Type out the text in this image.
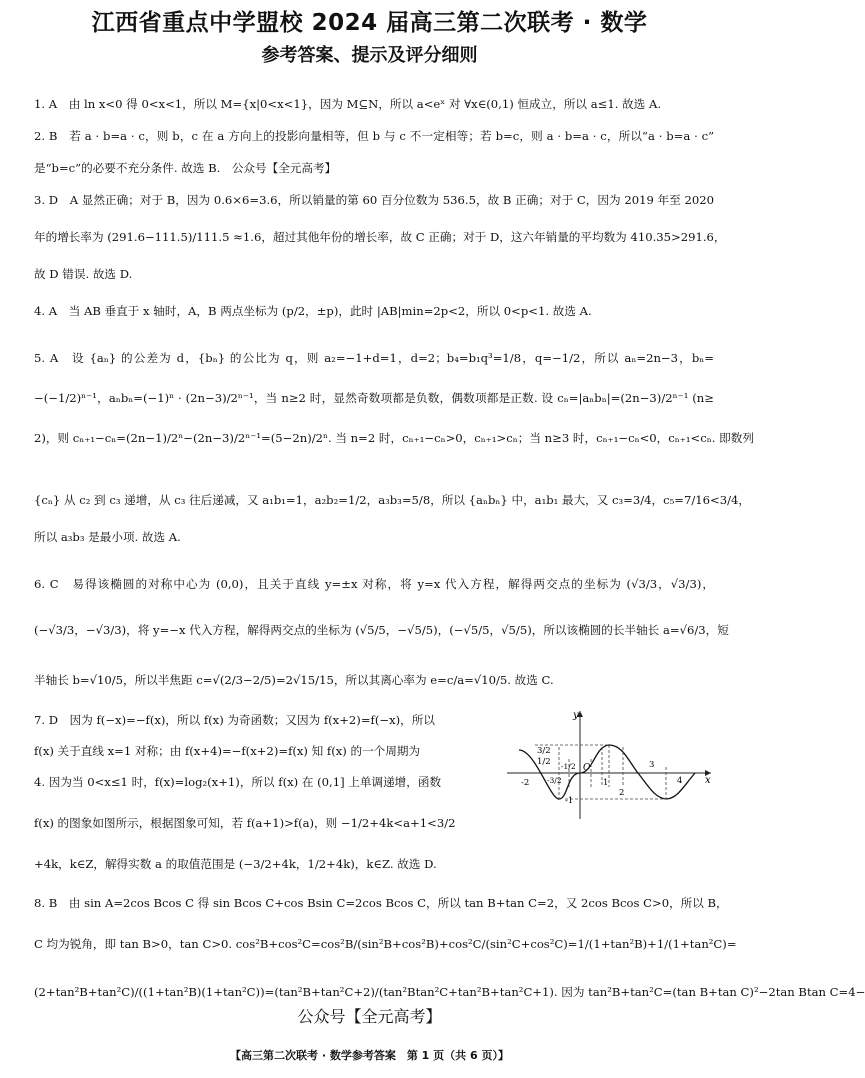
江西省重点中学盟校 2024 届高三第二次联考 · 数学
参考答案、提示及评分细则
1. A　由 ln x<0 得 0<x<1，所以 M={x|0<x<1}，因为 M⊆N，所以 a<eˣ 对 ∀x∈(0,1) 恒成立，所以 a≤1. 故选 A.
2. B　若 a · b=a · c，则 b，c 在 a 方向上的投影向量相等，但 b 与 c 不一定相等；若 b=c，则 a · b=a · c，所以“a · b=a · c”
是“b=c”的必要不充分条件. 故选 B.　公众号【全元高考】
3. D　A 显然正确；对于 B，因为 0.6×6=3.6，所以销量的第 60 百分位数为 536.5，故 B 正确；对于 C，因为 2019 年至 2020
年的增长率为 (291.6−111.5)/111.5 ≈1.6，超过其他年份的增长率，故 C 正确；对于 D，这六年销量的平均数为 410.35>291.6，
故 D 错误. 故选 D.
4. A　当 AB 垂直于 x 轴时，A，B 两点坐标为 (p/2，±p)，此时 |AB|min=2p<2，所以 0<p<1. 故选 A.
5. A　设 {aₙ} 的公差为 d，{bₙ} 的公比为 q，则 a₂=−1+d=1，d=2；b₄=b₁q³=1/8，q=−1/2，所以 aₙ=2n−3，bₙ=
−(−1/2)ⁿ⁻¹，aₙbₙ=(−1)ⁿ · (2n−3)/2ⁿ⁻¹，当 n≥2 时，显然奇数项都是负数，偶数项都是正数. 设 cₙ=|aₙbₙ|=(2n−3)/2ⁿ⁻¹ (n≥
2)，则 cₙ₊₁−cₙ=(2n−1)/2ⁿ−(2n−3)/2ⁿ⁻¹=(5−2n)/2ⁿ. 当 n=2 时，cₙ₊₁−cₙ>0，cₙ₊₁>cₙ；当 n≥3 时，cₙ₊₁−cₙ<0，cₙ₊₁<cₙ. 即数列
{cₙ} 从 c₂ 到 c₃ 递增，从 c₃ 往后递减，又 a₁b₁=1，a₂b₂=1/2，a₃b₃=5/8，所以 {aₙbₙ} 中，a₁b₁ 最大，又 c₃=3/4，c₅=7/16<3/4，
所以 a₃b₃ 是最小项. 故选 A.
6. C　易得该椭圆的对称中心为 (0,0)，且关于直线 y=±x 对称，将 y=x 代入方程，解得两交点的坐标为 (√3/3，√3/3)，
(−√3/3，−√3/3)，将 y=−x 代入方程，解得两交点的坐标为 (√5/5，−√5/5)，(−√5/5，√5/5)，所以该椭圆的长半轴长 a=√6/3，短
半轴长 b=√10/5，所以半焦距 c=√(2/3−2/5)=2√15/15，所以其离心率为 e=c/a=√10/5. 故选 C.
7. D　因为 f(−x)=−f(x)，所以 f(x) 为奇函数；又因为 f(x+2)=f(−x)，所以
f(x) 关于直线 x=1 对称；由 f(x+4)=−f(x+2)=f(x) 知 f(x) 的一个周期为
4. 因为当 0<x≤1 时，f(x)=log₂(x+1)，所以 f(x) 在 (0,1] 上单调递增，函数
f(x) 的图象如图所示，根据图象可知，若 f(a+1)>f(a)，则 −1/2+4k<a+1<3/2
+4k，k∈Z，解得实数 a 的取值范围是 (−3/2+4k，1/2+4k)，k∈Z. 故选 D.
8. B　由 sin A=2cos Bcos C 得 sin Bcos C+cos Bsin C=2cos Bcos C，所以 tan B+tan C=2，又 2cos Bcos C>0，所以 B，
C 均为锐角，即 tan B>0，tan C>0. cos²B+cos²C=cos²B/(sin²B+cos²B)+cos²C/(sin²C+cos²C)=1/(1+tan²B)+1/(1+tan²C)=
(2+tan²B+tan²C)/((1+tan²B)(1+tan²C))=(tan²B+tan²C+2)/(tan²Btan²C+tan²B+tan²C+1). 因为 tan²B+tan²C=(tan B+tan C)²−2tan Btan C=4−
x
y
O
3/2
1/2 -1/2
-3/2
-1
1
-2
2
3
4
公众号【全元高考】
【高三第二次联考 · 数学参考答案　第 1 页（共 6 页）】
